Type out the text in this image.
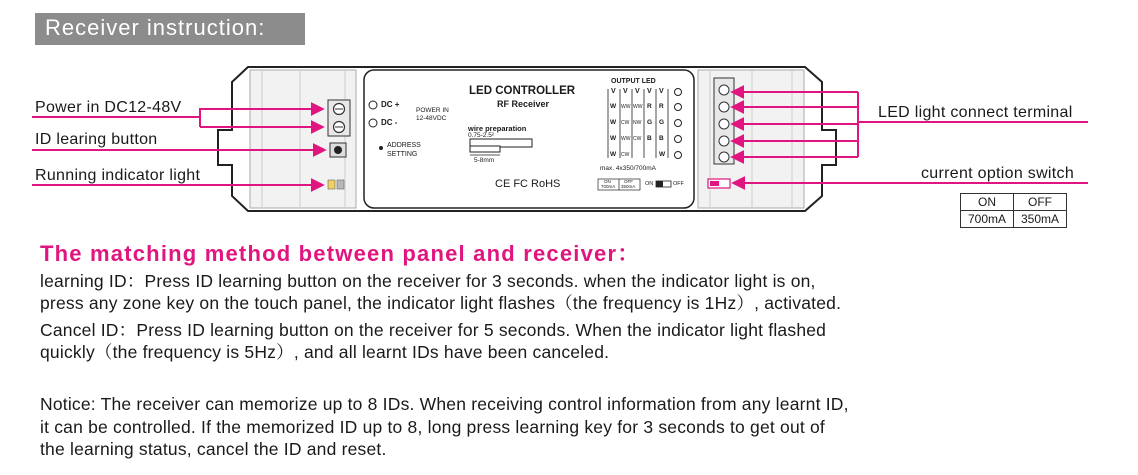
Receiver instruction:
Power in DC12-48V
ID learing button
Running indicator light
LED light connect terminal
current option switch
DC +
DC -
POWER IN
12-48VDC
ADDRESS
SETTING
LED CONTROLLER
RF Receiver
wire preparation
0.75-2.5²
5-8mm
CE FC RoHS
OUTPUT LED
V V V V V
W WW WW R R
W CW NW G G
W WW CW B B
W CW	W
max. 4x350/700mA
ON
700mA
OFF
350mA ON	OFF
ON	OFF
700mA	350mA
The matching method between panel and receiver：
learning ID：Press ID learning button on the receiver for 3 seconds. when the indicator light is on,
press any zone key on the touch panel, the indicator light flashes（the frequency is 1Hz）, activated.
Cancel ID：Press ID learning button on the receiver for 5 seconds. When the indicator light flashed
quickly（the frequency is 5Hz）, and all learnt IDs have been canceled.
Notice: The receiver can memorize up to 8 IDs. When receiving control information from any learnt ID,
it can be controlled. If the memorized ID up to 8, long press learning key for 3 seconds to get out of
the learning status, cancel the ID and reset.
